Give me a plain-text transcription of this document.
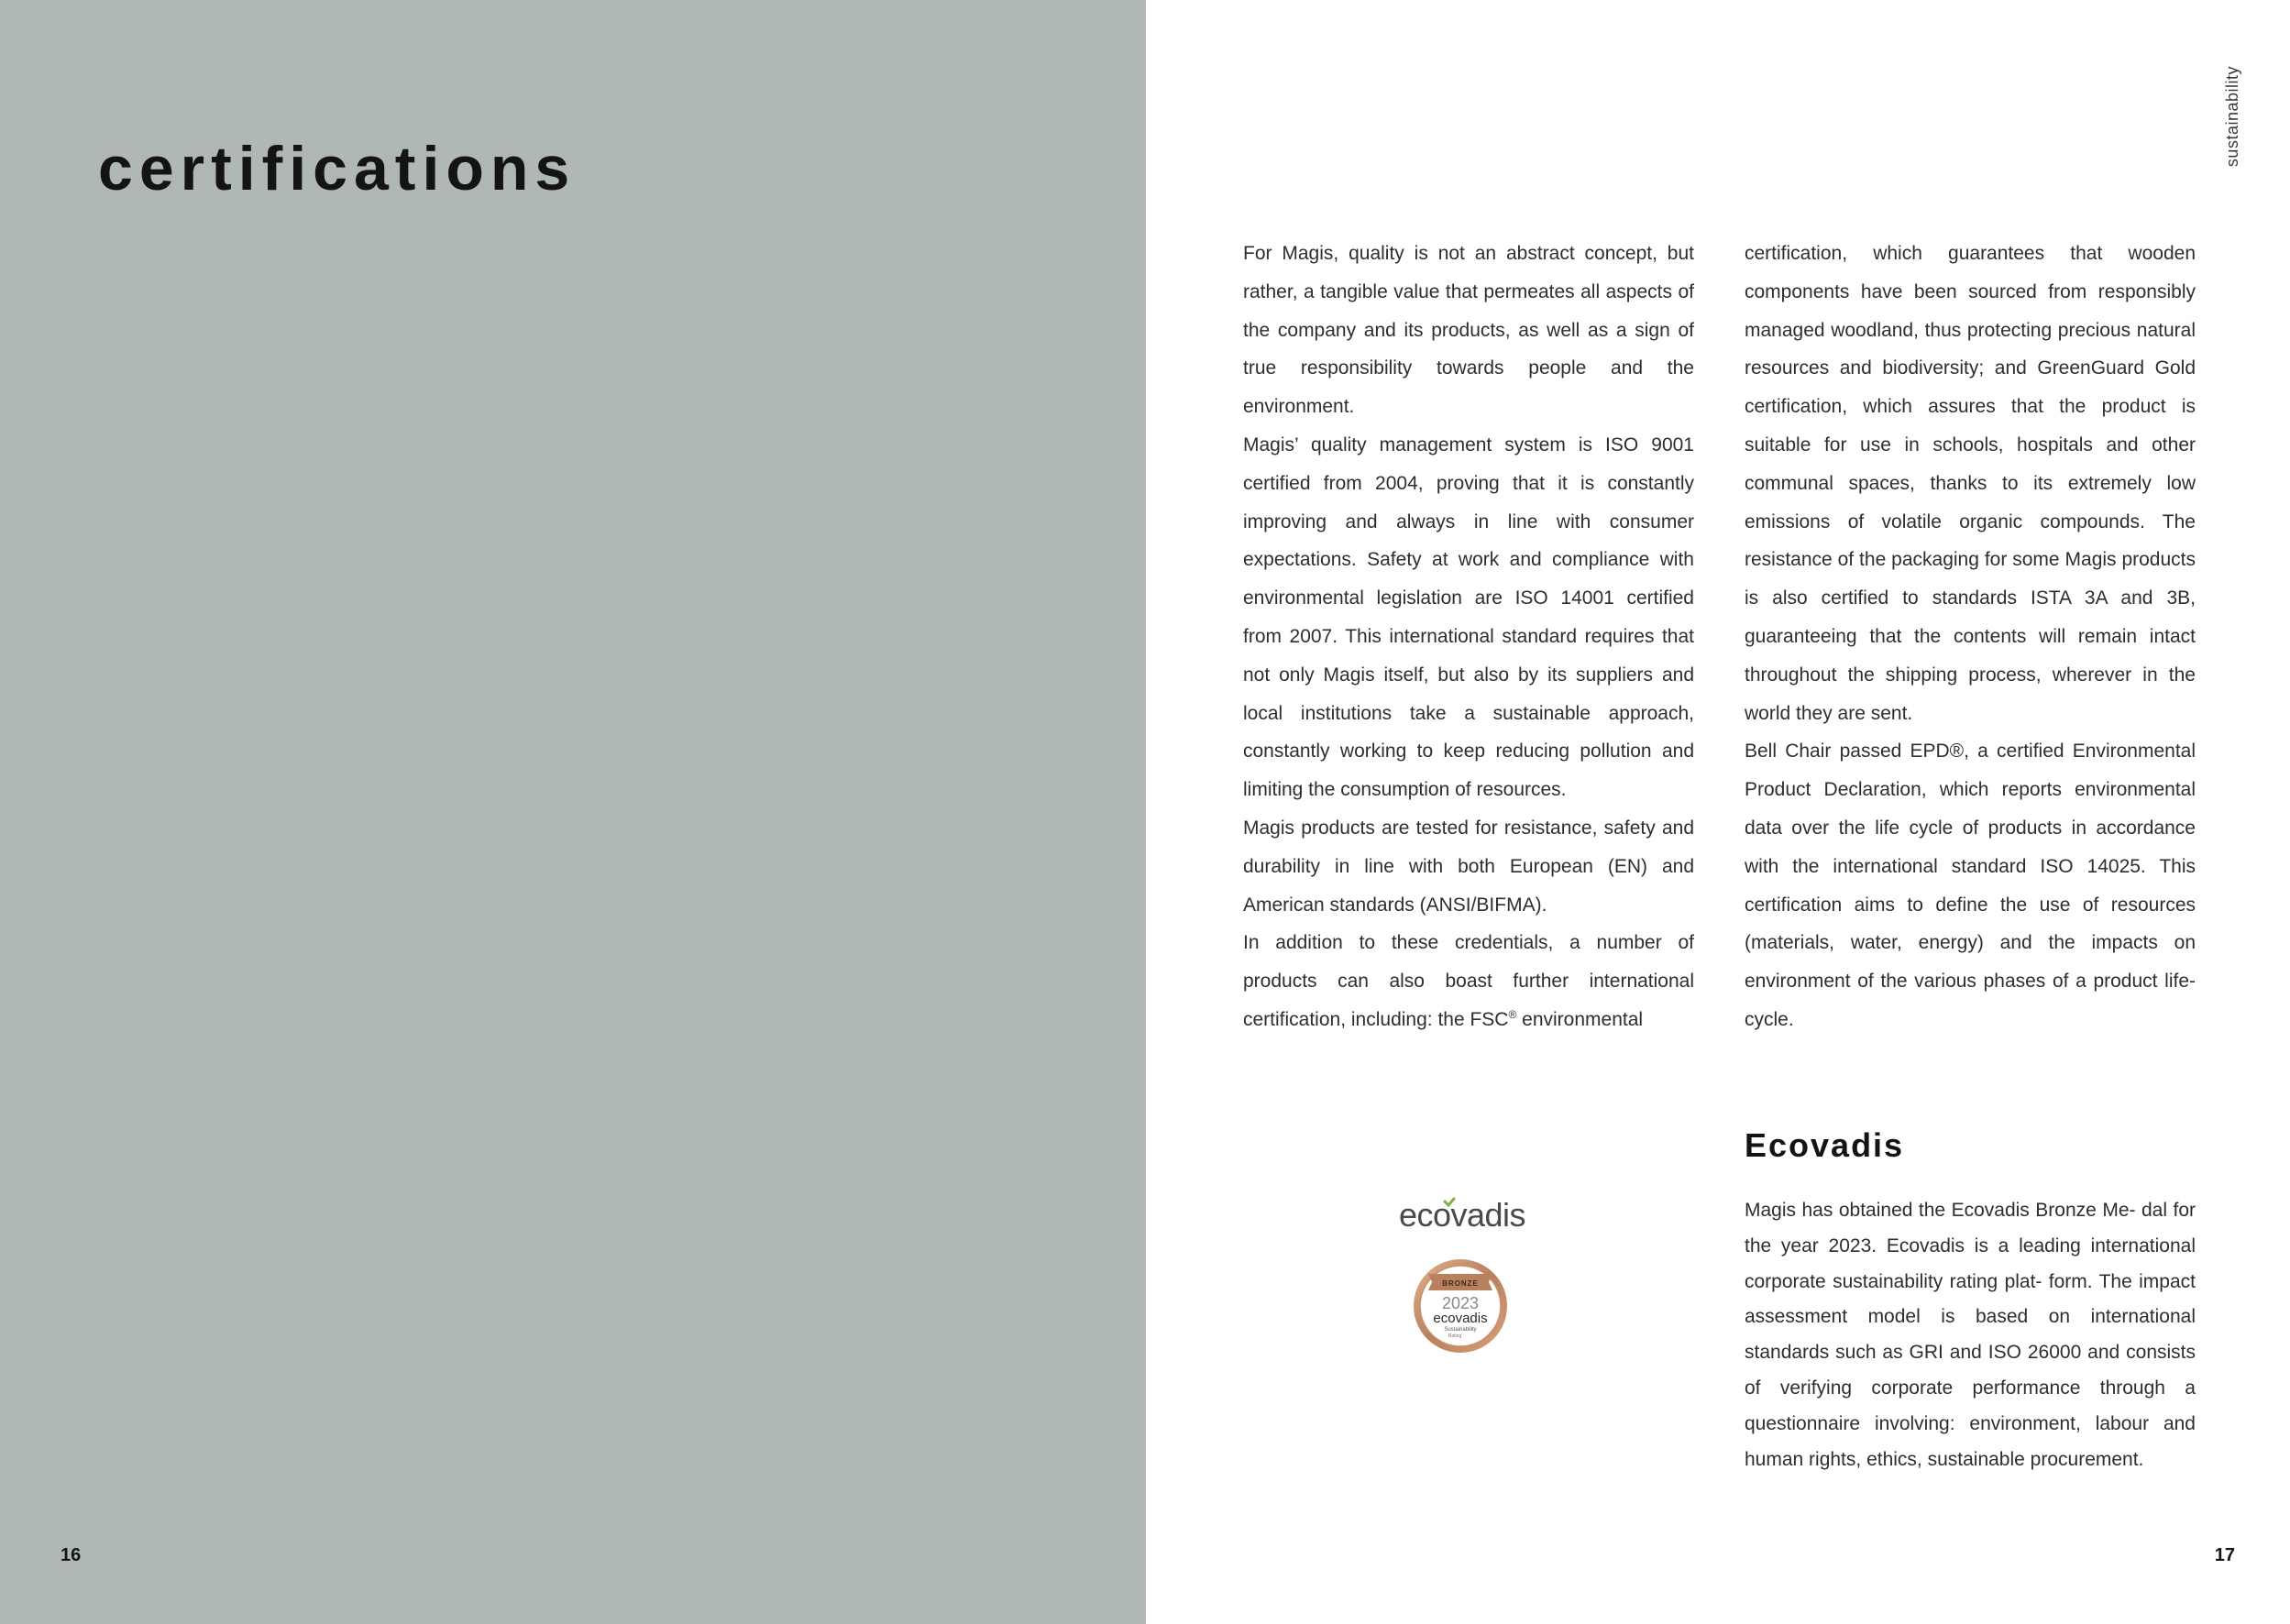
certifications
16	17
sustainability

For Magis, quality is not an abstract concept, but rather, a tangible value that permeates all aspects of the company and its products, as well as a sign of true responsibility towards people and the environment.

Magis’ quality management system is ISO 9001 certified from 2004, proving that it is constantly improving and always in line with consumer expectations. Safety at work and compliance with environmental legislation are ISO 14001 certified from 2007. This international standard requires that not only Magis itself, but also by its suppliers and local institutions take a sustainable approach, constantly working to keep reducing pollution and limiting the consumption of resources.

Magis products are tested for resistance, safety and durability in line with both European (EN) and American standards (ANSI/BIFMA).

In addition to these credentials, a number of products can also boast further international certification, including: the FSC® environmental

certification, which guarantees that wooden components have been sourced from responsibly managed woodland, thus protecting precious natural resources and biodiversity; and GreenGuard Gold certification, which assures that the product is suitable for use in schools, hospitals and other communal spaces, thanks to its extremely low emissions of volatile organic compounds. The resistance of the packaging for some Magis products is also certified to standards ISTA 3A and 3B, guaranteeing that the contents will remain intact throughout the shipping process, wherever in the world they are sent.

Bell Chair passed EPD®, a certified Environmental Product Declaration, which reports environmental data over the life cycle of products in accordance with the international standard ISO 14025. This certification aims to define the use of resources (materials, water, energy) and the impacts on environment of the various phases of a product life-cycle.

ecovadis
BRONZE
2023
ecovadis
Sustainability
Rating
Ecovadis

Magis has obtained the Ecovadis Bronze Me- dal for the year 2023. Ecovadis is a leading international corporate sustainability rating plat- form. The impact assessment model is based on international standards such as GRI and ISO 26000 and consists of verifying corporate performance through a questionnaire involving: environment, labour and human rights, ethics, sustainable procurement.
